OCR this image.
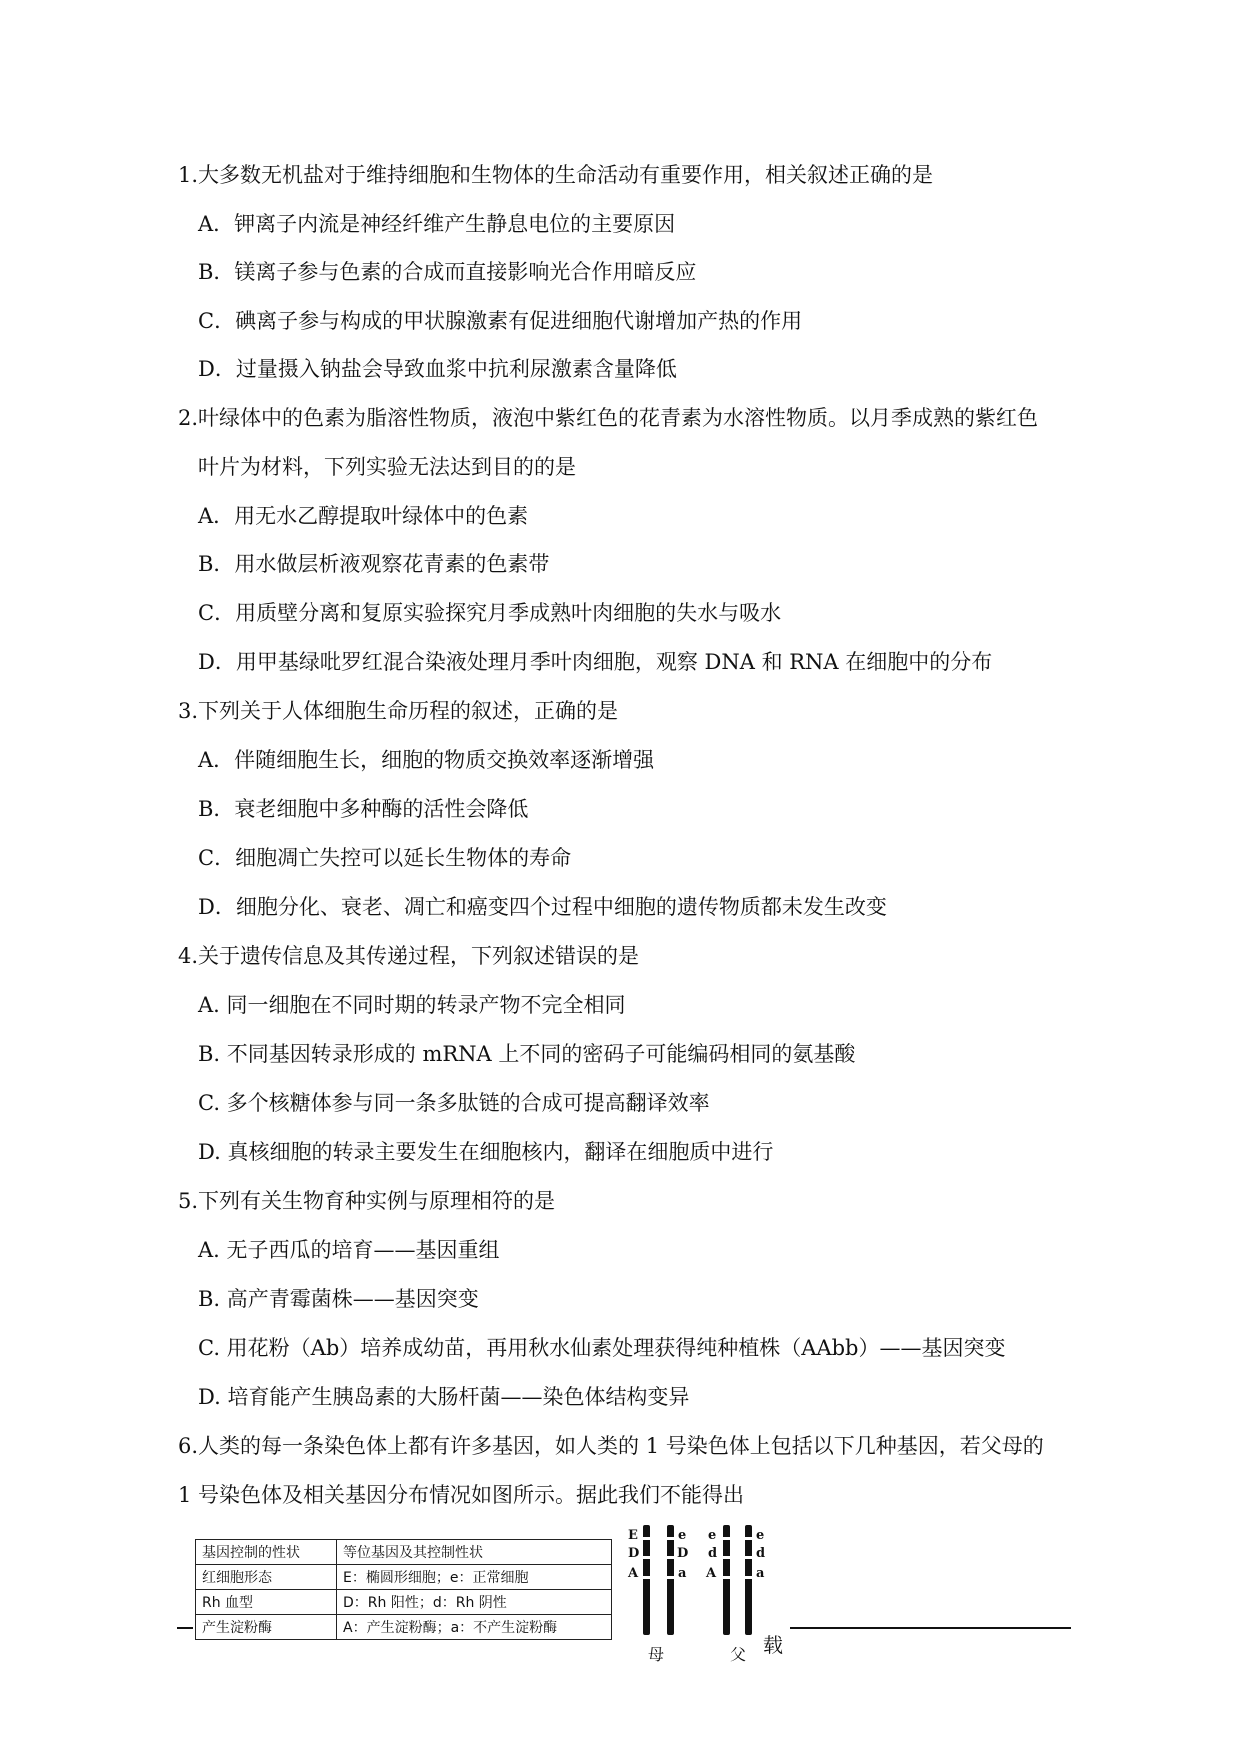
1.大多数无机盐对于维持细胞和生物体的生命活动有重要作用，相关叙述正确的是
A．钾离子内流是神经纤维产生静息电位的主要原因
B．镁离子参与色素的合成而直接影响光合作用暗反应
C．碘离子参与构成的甲状腺激素有促进细胞代谢增加产热的作用
D．过量摄入钠盐会导致血浆中抗利尿激素含量降低
2.叶绿体中的色素为脂溶性物质，液泡中紫红色的花青素为水溶性物质。以月季成熟的紫红色
叶片为材料，下列实验无法达到目的的是
A．用无水乙醇提取叶绿体中的色素
B．用水做层析液观察花青素的色素带
C．用质壁分离和复原实验探究月季成熟叶肉细胞的失水与吸水
D．用甲基绿吡罗红混合染液处理月季叶肉细胞，观察 DNA 和 RNA 在细胞中的分布
3.下列关于人体细胞生命历程的叙述，正确的是
A．伴随细胞生长，细胞的物质交换效率逐渐增强
B．衰老细胞中多种酶的活性会降低
C．细胞凋亡失控可以延长生物体的寿命
D．细胞分化、衰老、凋亡和癌变四个过程中细胞的遗传物质都未发生改变
4.关于遗传信息及其传递过程，下列叙述错误的是
A. 同一细胞在不同时期的转录产物不完全相同
B. 不同基因转录形成的 mRNA 上不同的密码子可能编码相同的氨基酸
C. 多个核糖体参与同一条多肽链的合成可提高翻译效率
D. 真核细胞的转录主要发生在细胞核内，翻译在细胞质中进行
5.下列有关生物育种实例与原理相符的是
A. 无子西瓜的培育——基因重组
B. 高产青霉菌株——基因突变
C. 用花粉（Ab）培养成幼苗，再用秋水仙素处理获得纯种植株（AAbb）——基因突变
D. 培育能产生胰岛素的大肠杆菌——染色体结构变异
6.人类的每一条染色体上都有许多基因，如人类的 1 号染色体上包括以下几种基因，若父母的
1 号染色体及相关基因分布情况如图所示。据此我们不能得出
基因控制的性状	等位基因及其控制性状
红细胞形态	E：椭圆形细胞；e：正常细胞
Rh 血型	D：Rh 阳性；d：Rh 阴性
产生淀粉酶	A：产生淀粉酶；a：不产生淀粉酶
E
D
A
e
D
a
母
e
d
A
e
d
a
父 载
